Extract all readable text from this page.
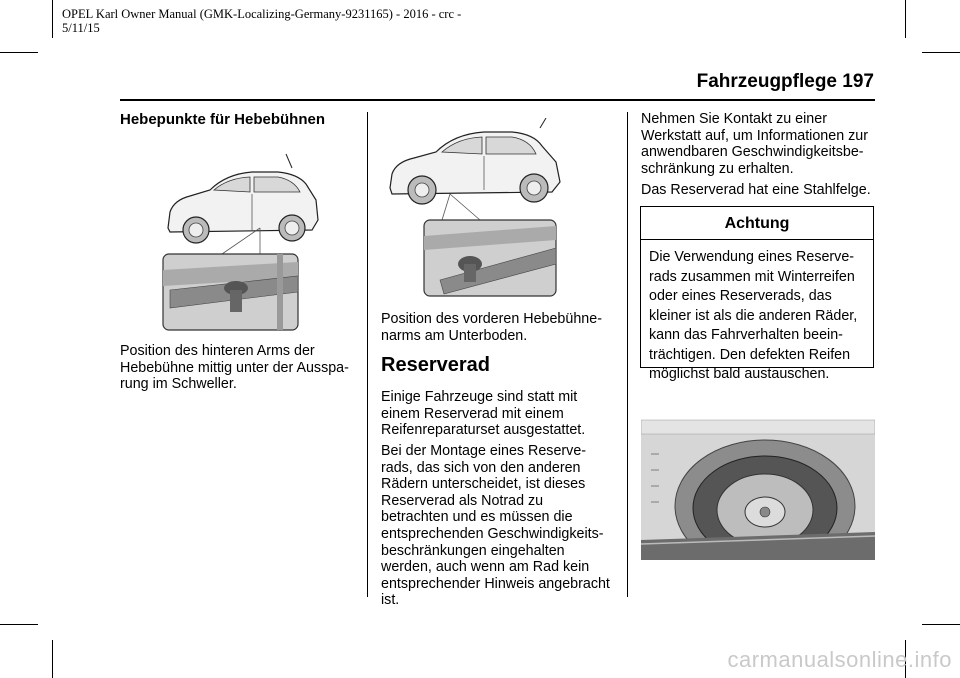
OPEL Karl Owner Manual (GMK-Localizing-Germany-9231165) - 2016 - crc -
5/11/15
Fahrzeugpflege 197
Hebepunkte für Hebebühnen

Position des hinteren Arms der Hebebühne mittig unter der Ausspa-rung im Schweller.

Position des vorderen Hebebühne-narms am Unterboden.

Reserverad

Einige Fahrzeuge sind statt mit einem Reserverad mit einem Reifenreparaturset ausgestattet.

Bei der Montage eines Reserve-rads, das sich von den anderen Rädern unterscheidet, ist dieses Reserverad als Notrad zu betrachten und es müssen die entsprechenden Geschwindigkeits-beschränkungen eingehalten werden, auch wenn am Rad kein entsprechender Hinweis angebracht ist.

Nehmen Sie Kontakt zu einer Werkstatt auf, um Informationen zur anwendbaren Geschwindigkeitsbe-schränkung zu erhalten.

Das Reserverad hat eine Stahlfelge.

Achtung
Die Verwendung eines Reserve-rads zusammen mit Winterreifen oder eines Reserverads, das kleiner ist als die anderen Räder, kann das Fahrverhalten beein-trächtigen. Den defekten Reifen möglichst bald austauschen.
carmanualsonline.info
